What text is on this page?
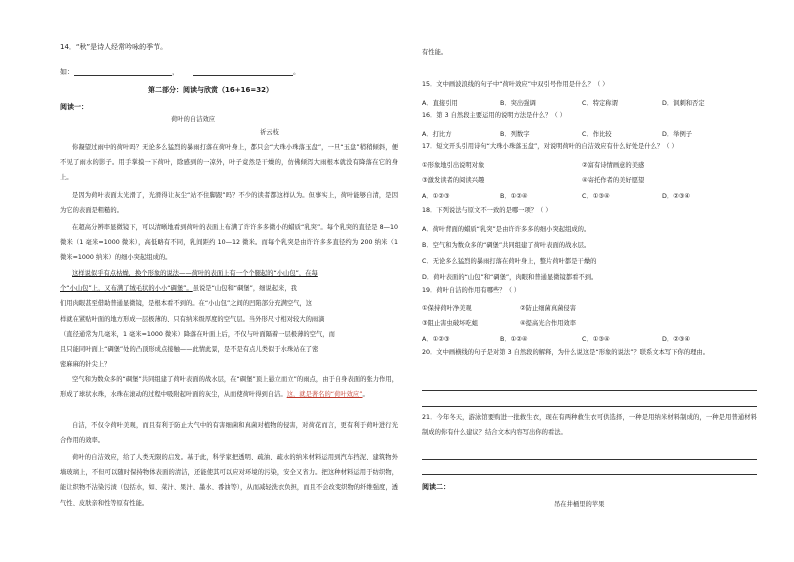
14．“秋”是诗人经常吟咏的季节。
如：	，	。
第二部分：阅读与欣赏（16+16=32）
阅读一：
荷叶的自洁效应
祈云枝
你凝望过雨中的荷叶吗？无论多么猛烈的暴雨打落在荷叶身上，都只会“大珠小珠落玉盘”，一旦“玉盘”稍稍倾斜，便不见了雨水的影子。用手掌摸一下荷叶，除感到的一凉外，叶子竟然是干燥的，仿佛倾泻大雨根本就没有降落在它的身上。
是因为荷叶表面太光滑了，光滑得让灰尘“站不住脚跟”吗？不少的读者都这样认为。但事实上，荷叶能够自清，是因为它的表面是粗糙的。
在超高分辨率显微镜下，可以清晰地看到荷叶的表面上布满了许许多多微小的蜡质“乳突”。每个乳突的直径是 8—10 微米（1 毫米=1000 微米），高低略有不同，乳间距约 10—12 微米。而每个乳突是由许许多多直径约为 200 纳米（1 微米=1000 纳米）的细小突起组成的。
这样说似乎有点枯燥，换个形象的说法——荷叶的表面上有一个个腿起的“小山包”，在每
个“小山包”上，又布满了绒毛状的小小“碉堡”。虽说是“山包和“碉堡”，细说起来，我
们用肉眼甚至借助普通显微镜，是根本看不到的。在“小山包”之间的凹陷部分充满空气，这
样就在紧贴叶面的地方形成一层极薄的、只有纳米级厚度的空气层。当外形尺寸相对较大的雨滴
（直径通常为几毫米，1 毫米=1000 微米）降落在叶面上后，不仅与叶面隔着一层极薄的空气，而
且只能同叶面上“碉堡”处的凸顶形成点接触——此情此景，是不是有点儿类似于水珠站在了密
密麻麻的针尖上？
空气和为数众多的“碉堡”共同组建了荷叶表面的战水层，在“碉堡”顶上悬立而立”的雨点，由于自身表面的张力作用，形成了球状水珠，水珠在滚动的过程中吸附起叶面的灰尘，从而使荷叶得到自洁。这，就是著名的“荷叶效应”。
自洁，不仅令荷叶美观，而且有利于防止大气中的有害细菌和真菌对植物的侵害，对荷花而言，更有利于荷叶进行光合作用的效率。
荷叶的自洁效应，给了人类无限的启发。基于此，科学家把透明、疏油、疏水的纳米材料运用到汽车挡泥、建筑物外墙玻璃上，不但可以随时保持物体表面的清洁，还能使其可以应对环境的污染，安全又省力。把这种材料运用于纺织物，能让织物不沾染污渍（包括水，如、菜汁、果汁、墨水、番油等），从而减轻洗衣负担，而且不会改变织物的纤维强度，透气性、皮肤亲和性等原有性能。
有性能。
15．文中画波浪线的句子中“荷叶效应”中双引号作用是什么？（ ）
A．直接引用	B．突出强调	C．特定称谓	D．讽刺和否定
16．第 3 自然段主要运用的说明方法是什么？（ ）
A．打比方	B．列数字	C．作比较	D．举例子
17．短文开头引用诗句“大珠小珠落玉盘”，对说明荷叶的自洁效应有什么好处是什么？（ ）
①形象地引出说明对象	②富有诗情画意的美感
③激发读者的阅读兴趣	④寄托作者的美好愿望
A．①②③	B．①②④	C．①③④	D．②③④
18．下列说法与原文不一致的是哪一项？（ ）
A．荷叶背面的蜡质“乳突”是由许许多多的细小突起组成的。
B．空气和为数众多的“碉堡”共同组建了荷叶表面的战水层。
C．无论多么猛烈的暴雨打落在荷叶身上，整片荷叶都是干燥的
D．荷叶表面的“山包”和“碉堡”，肉眼和普通显微镜都看不到。
19．荷叶自洁的作用有哪些？（ ）
①保持荷叶净美观	②防止细菌真菌侵害
③阻止害虫破坏吃蛆	④提高光合作用效率
A．①②③	B．①②④	C．①③④	D．②③④
20．文中画横线的句子是对第 3 自然段的解释，为什么说这是“形象的说法”？联系文本写下你的理由。
21．今年冬天，游泳馆要购进一批救生衣，现在有两种救生衣可供选择，一种是用纳米材料制成的，一种是用普通材料制成的你有什么建议？结合文本内容写出你的看法。
阅读二：
吊在井桶里的苹果
